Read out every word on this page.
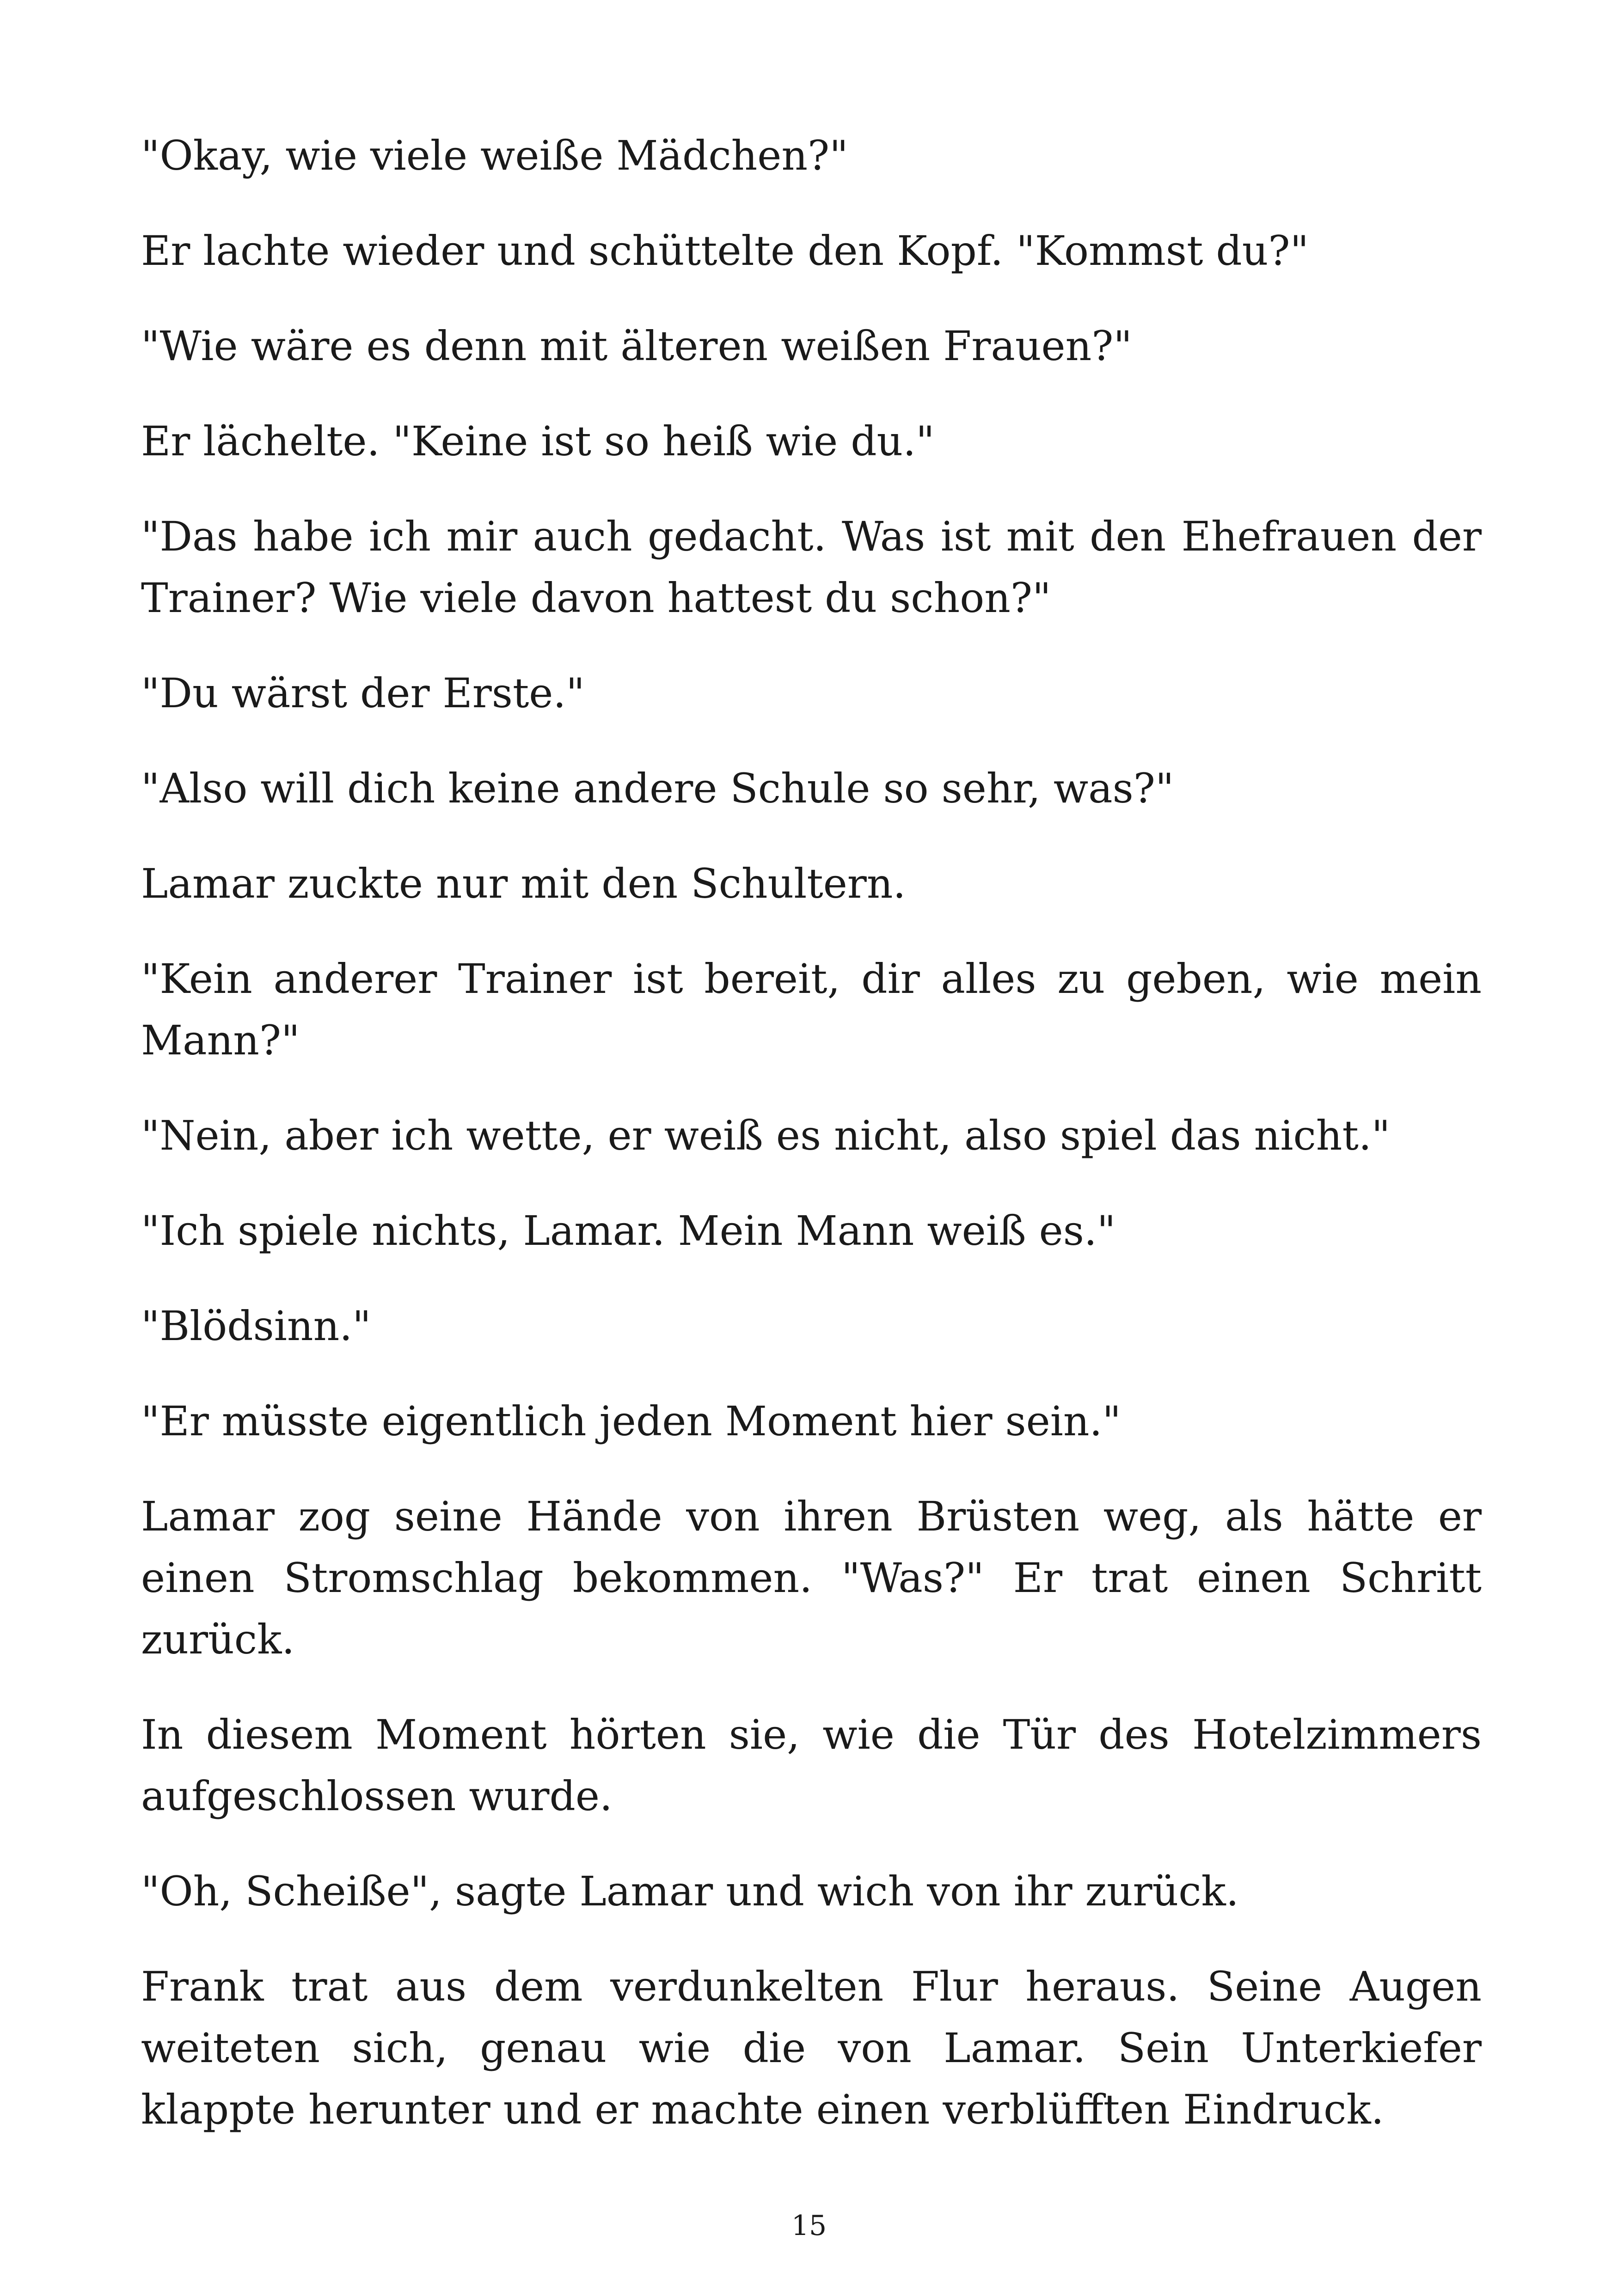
"Okay, wie viele weiße Mädchen?"

Er lachte wieder und schüttelte den Kopf. "Kommst du?"

"Wie wäre es denn mit älteren weißen Frauen?"

Er lächelte. "Keine ist so heiß wie du."

"Das habe ich mir auch gedacht. Was ist mit den Ehefrauen der Trainer? Wie viele davon hattest du schon?"

"Du wärst der Erste."

"Also will dich keine andere Schule so sehr, was?"

Lamar zuckte nur mit den Schultern.

"Kein anderer Trainer ist bereit, dir alles zu geben, wie mein Mann?"

"Nein, aber ich wette, er weiß es nicht, also spiel das nicht."

"Ich spiele nichts, Lamar. Mein Mann weiß es."

"Blödsinn."

"Er müsste eigentlich jeden Moment hier sein."

Lamar zog seine Hände von ihren Brüsten weg, als hätte er einen Stromschlag bekommen. "Was?" Er trat einen Schritt zurück.

In diesem Moment hörten sie, wie die Tür des Hotelzimmers aufgeschlossen wurde.

"Oh, Scheiße", sagte Lamar und wich von ihr zurück.

Frank trat aus dem verdunkelten Flur heraus. Seine Augen weiteten sich, genau wie die von Lamar. Sein Unterkiefer klappte herunter und er machte einen verblüfften Eindruck.

15
